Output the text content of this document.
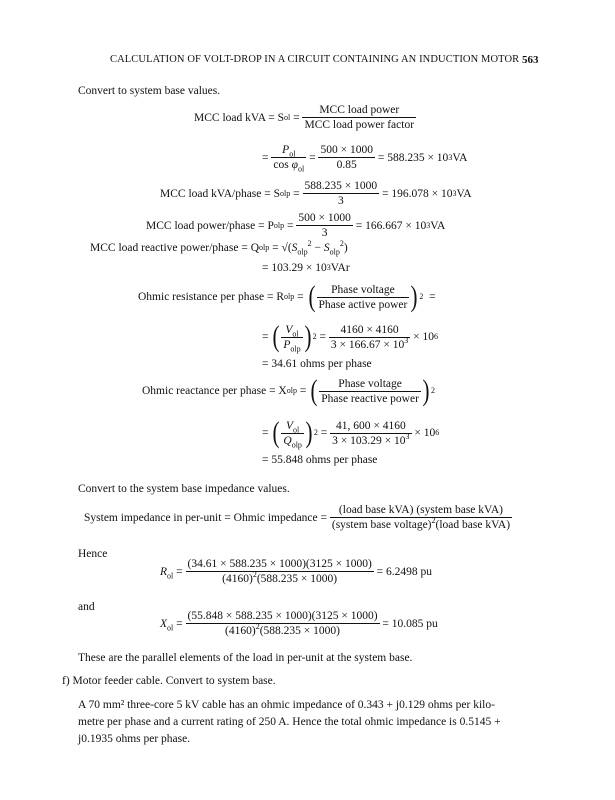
CALCULATION OF VOLT-DROP IN A CIRCUIT CONTAINING AN INDUCTION MOTOR 563
Convert to system base values.
MCC load kVA = S ol = $\frac{\text{MCC load power}}{\text{MCC load power factor}}$
= $\frac{P_{ol}}{\cos \varphi_{ol}} = \frac{500 \times 1000}{0.85}$
= 588.235 × 10 3 VA
MCC load kVA/phase = S olp = $\frac{588.235 \times 1000}{3}$
= 196.078 × 10 3 VA
MCC load power/phase = P olp = $\frac{500 \times 1000}{3}$
= 166.667 × 10 3 VA
MCC load reactive power/phase = Q olp = $√(S_{olp}^2 - S_{olp}^2)$
= 103.29 × 10 3 VAr
Ohmic resistance per phase = R olp = ( $\frac{\text{Phase voltage}}{\text{Phase active power}}$ ) 2 =
= ( $\frac{V_{ol}}{P_{olp}}$ ) $2 = \frac{4160 \times 4160}{3 \times 166.67 \times 10^3}$
× 10 6
= 34.61 ohms per phase
Ohmic reactance per phase = X olp = ( $\frac{\text{Phase voltage}}{\text{Phase reactive power}}$ ) 2
= ( $\frac{V_{ol}}{Q_{olp}}$ ) $2 = \frac{41, 600 \times 4160}{3 \times 103.29 \times 10^3}$
× 10 6
= 55.848 ohms per phase
Convert to the system base impedance values.
System impedance in per-unit = Ohmic impedance =
$\frac{\text{(load base kVA) (system base kVA)}}{(system base voltage)^2(load base kVA)}$
Hence
$R_{ol} = \frac{(34.61 \times 588.235 \times 1000)(3125 \times 1000)}{(4160)^2(588.235 \times 1000)}$
= 6.2498 pu
and
$X_{ol} = \frac{(55.848 \times 588.235 \times 1000)(3125 \times 1000)}{(4160)^2(588.235 \times 1000)}$
= 10.085 pu
These are the parallel elements of the load in per-unit at the system base.
f) Motor feeder cable. Convert to system base.
A 70 mm² three-core 5 kV cable has an ohmic impedance of 0.343 + j0.129 ohms per kilo-
metre per phase and a current rating of 250 A. Hence the total ohmic impedance is 0.5145 +
j0.1935 ohms per phase.
